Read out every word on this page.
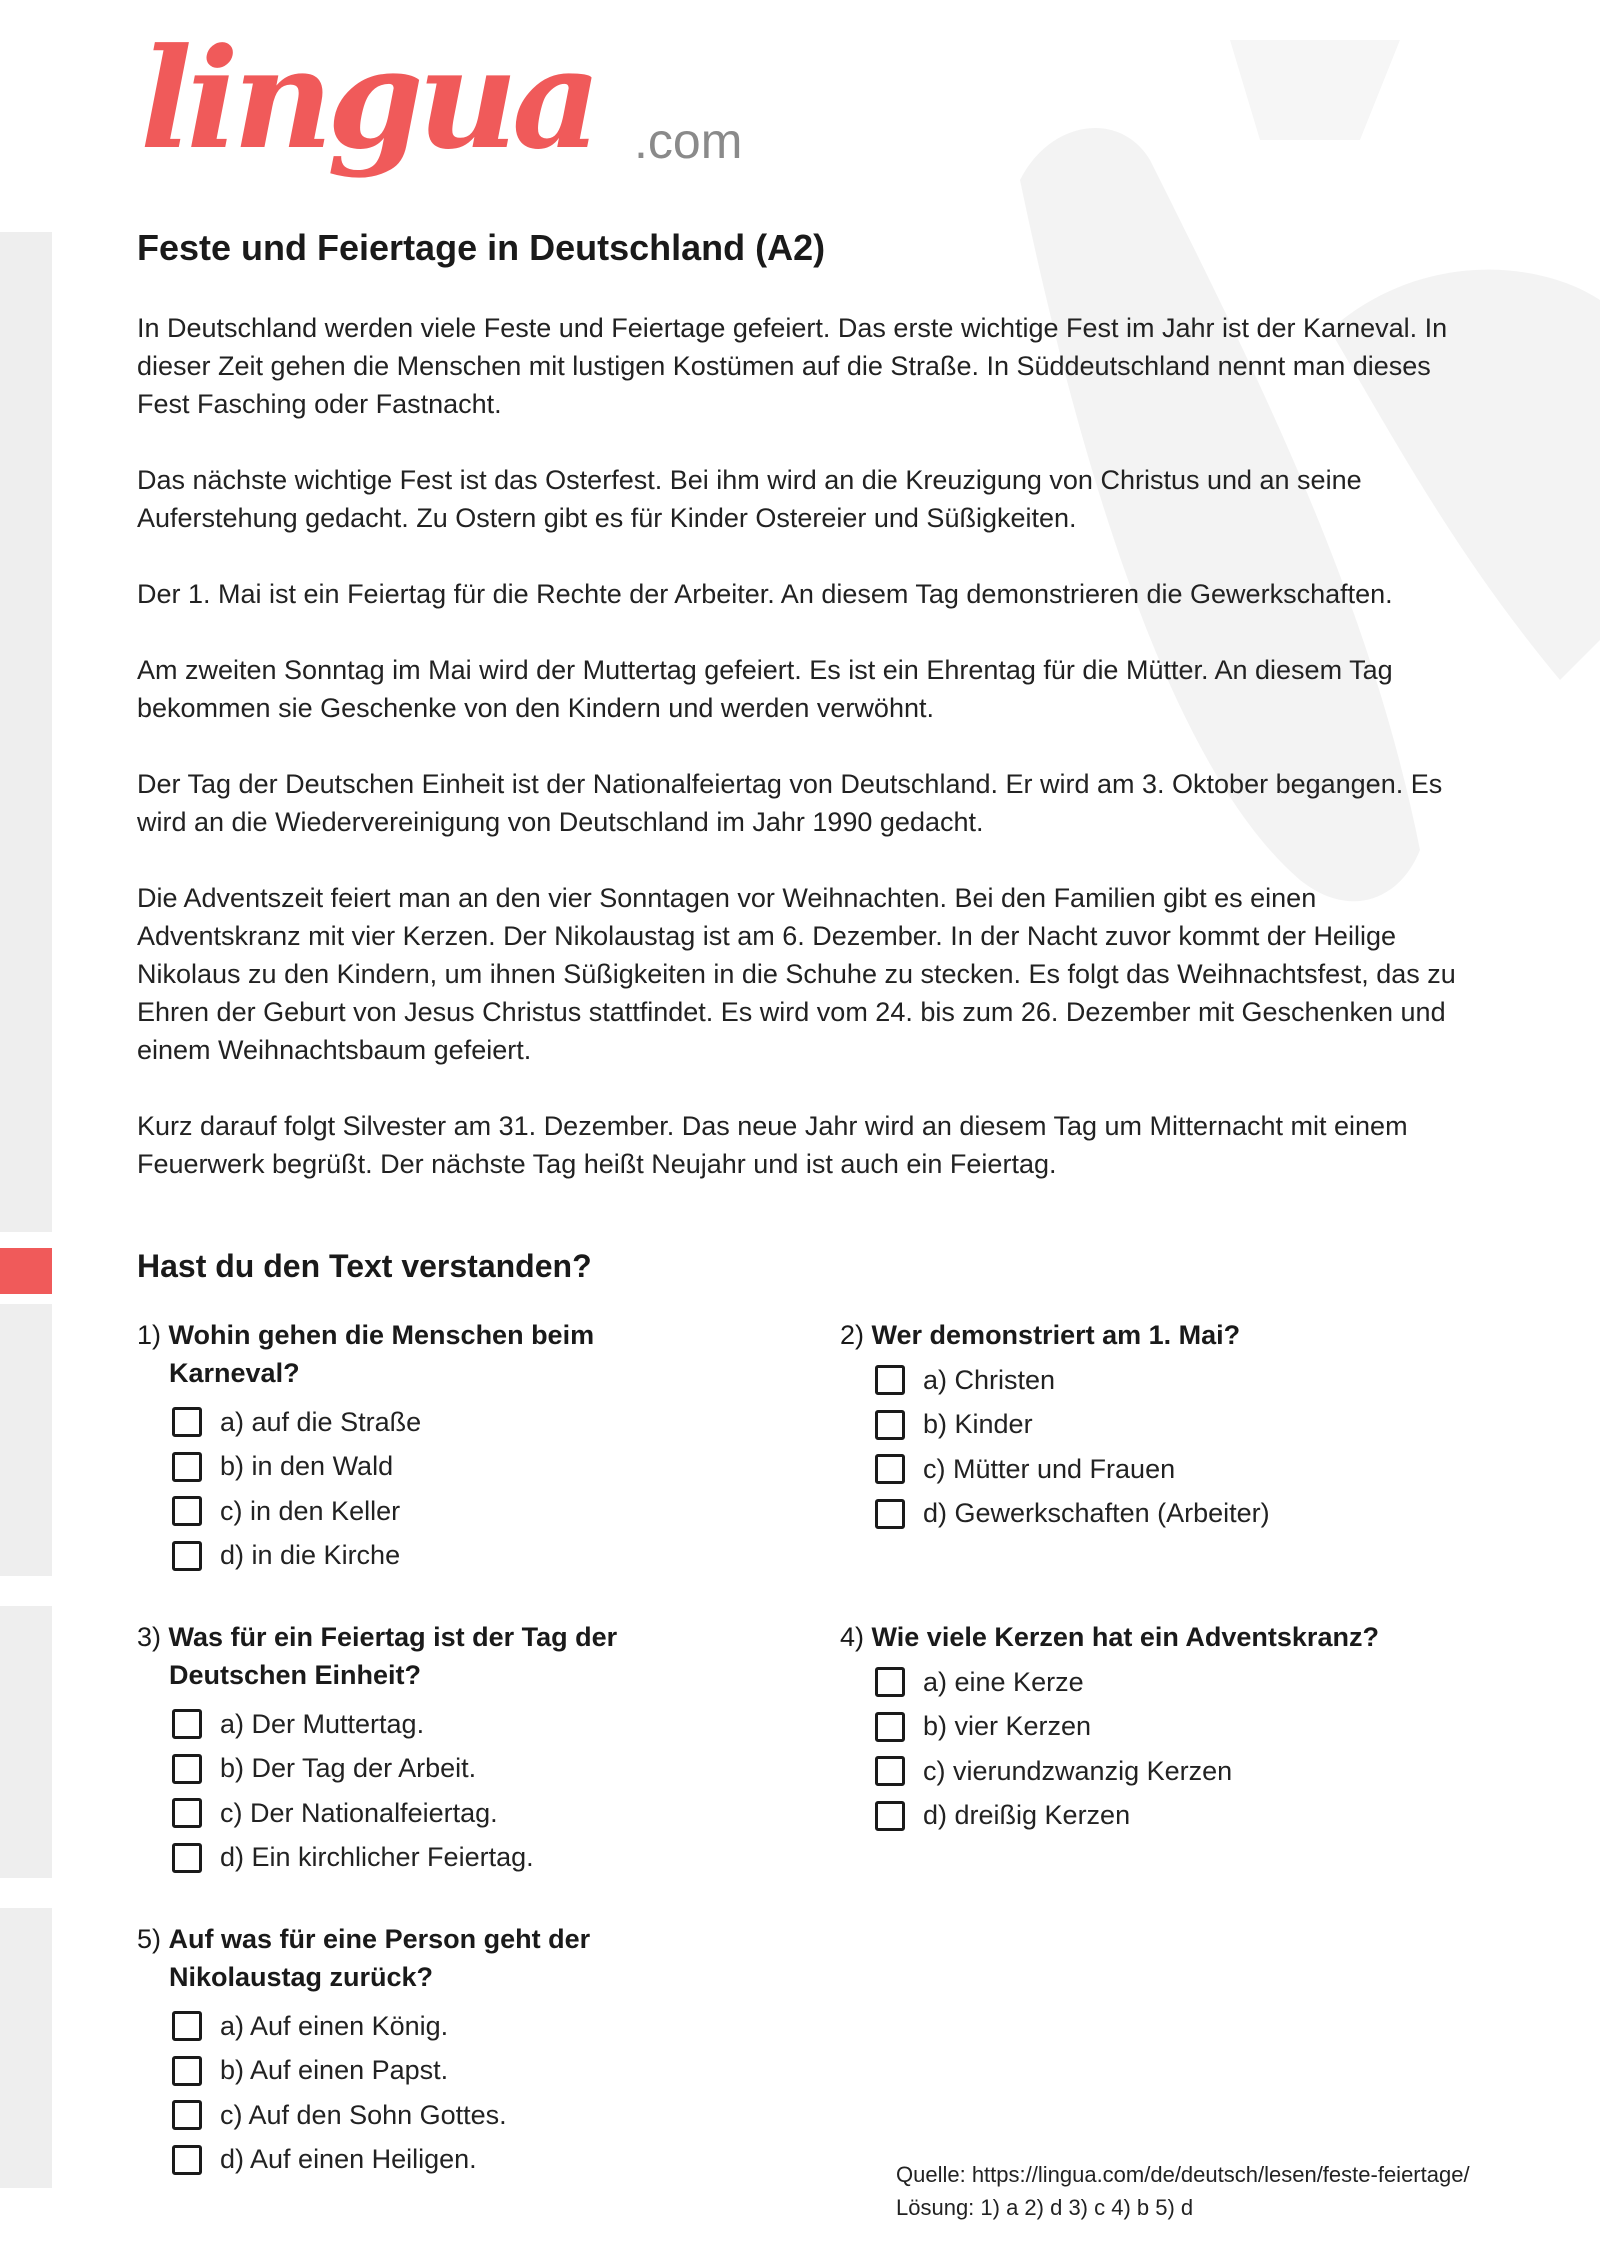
lingua .com
Feste und Feiertage in Deutschland (A2)

In Deutschland werden viele Feste und Feiertage gefeiert. Das erste wichtige Fest im Jahr ist der Karneval. In dieser Zeit gehen die Menschen mit lustigen Kostümen auf die Straße. In Süddeutschland nennt man dieses Fest Fasching oder Fastnacht.

Das nächste wichtige Fest ist das Osterfest. Bei ihm wird an die Kreuzigung von Christus und an seine Auferstehung gedacht. Zu Ostern gibt es für Kinder Ostereier und Süßigkeiten.

Der 1. Mai ist ein Feiertag für die Rechte der Arbeiter. An diesem Tag demonstrieren die Gewerkschaften.

Am zweiten Sonntag im Mai wird der Muttertag gefeiert. Es ist ein Ehrentag für die Mütter. An diesem Tag bekommen sie Geschenke von den Kindern und werden verwöhnt.

Der Tag der Deutschen Einheit ist der Nationalfeiertag von Deutschland. Er wird am 3. Oktober begangen. Es wird an die Wiedervereinigung von Deutschland im Jahr 1990 gedacht.

Die Adventszeit feiert man an den vier Sonntagen vor Weihnachten. Bei den Familien gibt es einen Adventskranz mit vier Kerzen. Der Nikolaustag ist am 6. Dezember. In der Nacht zuvor kommt der Heilige Nikolaus zu den Kindern, um ihnen Süßigkeiten in die Schuhe zu stecken. Es folgt das Weihnachtsfest, das zu Ehren der Geburt von Jesus Christus stattfindet. Es wird vom 24. bis zum 26. Dezember mit Geschenken und einem Weihnachtsbaum gefeiert.

Kurz darauf folgt Silvester am 31. Dezember. Das neue Jahr wird an diesem Tag um Mitternacht mit einem Feuerwerk begrüßt. Der nächste Tag heißt Neujahr und ist auch ein Feiertag.

Hast du den Text verstanden?
1) Wohin gehen die Menschen beim Karneval?
a) auf die Straße
b) in den Wald
c) in den Keller
d) in die Kirche
2) Wer demonstriert am 1. Mai?
a) Christen
b) Kinder
c) Mütter und Frauen
d) Gewerkschaften (Arbeiter)
3) Was für ein Feiertag ist der Tag der Deutschen Einheit?
a) Der Muttertag.
b) Der Tag der Arbeit.
c) Der Nationalfeiertag.
d) Ein kirchlicher Feiertag.
4) Wie viele Kerzen hat ein Adventskranz?
a) eine Kerze
b) vier Kerzen
c) vierundzwanzig Kerzen
d) dreißig Kerzen
5) Auf was für eine Person geht der Nikolaustag zurück?
a) Auf einen König.
b) Auf einen Papst.
c) Auf den Sohn Gottes.
d) Auf einen Heiligen.
Quelle: https://lingua.com/de/deutsch/lesen/feste-feiertage/
Lösung: 1) a 2) d 3) c 4) b 5) d
